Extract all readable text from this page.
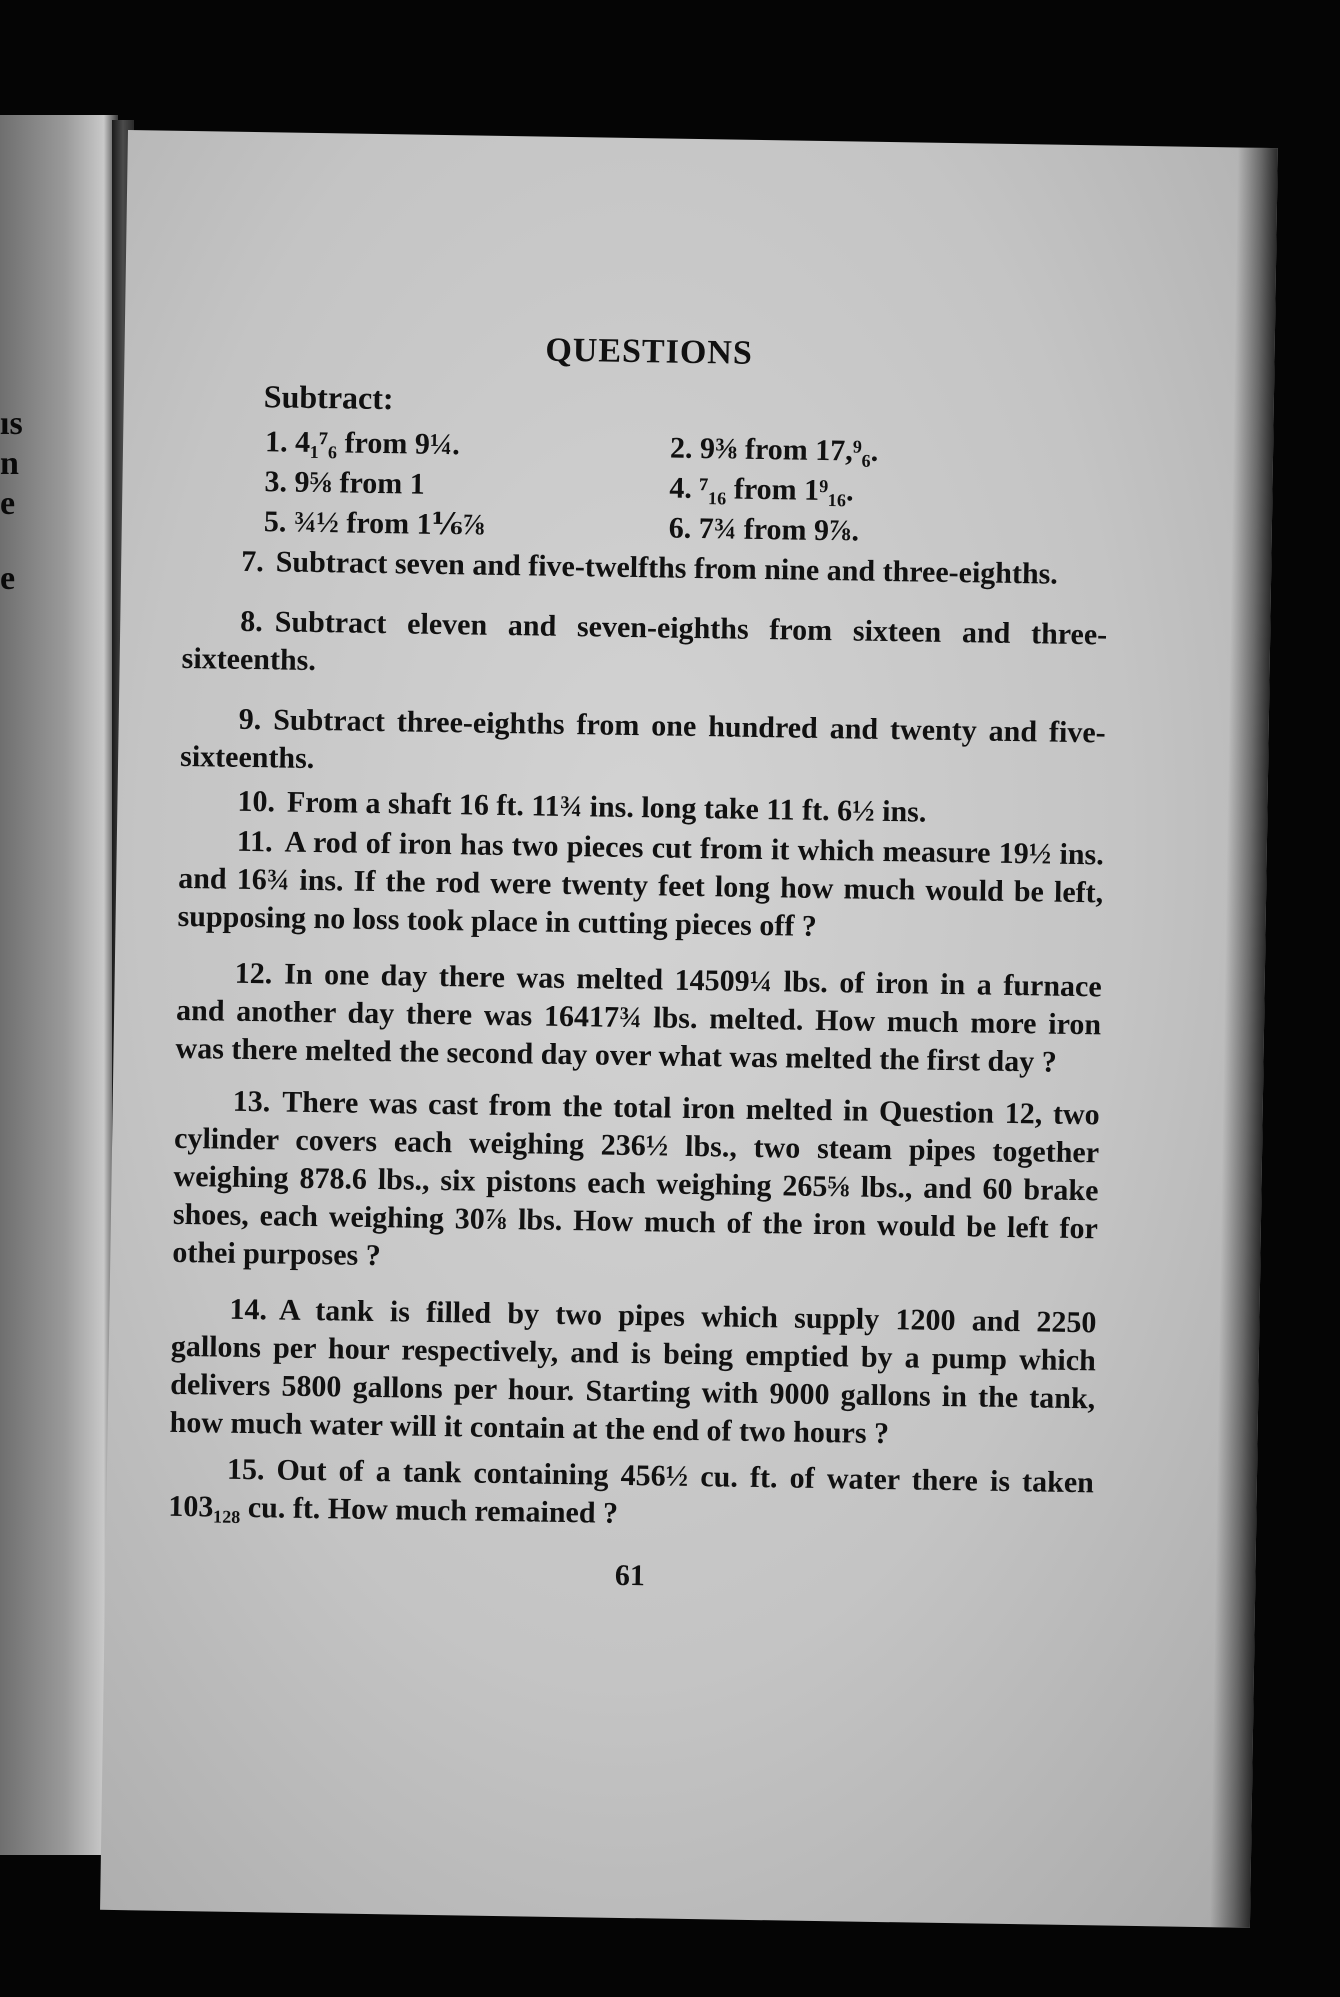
ıs
n
e
e
QUESTIONS
Subtract:
1. 4₁⁷₆ from 9¼.	2. 9⅜ from 17,⁹₆.
3. 9⅝ from 1	4. ⁷₁₆ from 1⁹₁₆.
5. ¾½ from 1⅙⅞	6. 7¾ from 9⅞.

7. Subtract seven and five-twelfths from nine and three-eighths.

8. Subtract eleven and seven-eighths from sixteen and three-sixteenths.

9. Subtract three-eighths from one hundred and twenty and five-sixteenths.

10. From a shaft 16 ft. 11¾ ins. long take 11 ft. 6½ ins.

11. A rod of iron has two pieces cut from it which measure 19½ ins. and 16¾ ins. If the rod were twenty feet long how much would be left, supposing no loss took place in cutting pieces off ?

12. In one day there was melted 14509¼ lbs. of iron in a furnace and another day there was 16417¾ lbs. melted. How much more iron was there melted the second day over what was melted the first day ?

13. There was cast from the total iron melted in Question 12, two cylinder covers each weighing 236½ lbs., two steam pipes together weighing 878.6 lbs., six pistons each weighing 265⅝ lbs., and 60 brake shoes, each weighing 30⅞ lbs. How much of the iron would be left for othei purposes ?

14. A tank is filled by two pipes which supply 1200 and 2250 gallons per hour respectively, and is being emptied by a pump which delivers 5800 gallons per hour. Starting with 9000 gallons in the tank, how much water will it contain at the end of two hours ?

15. Out of a tank containing 456½ cu. ft. of water there is taken 103₁₂₈ cu. ft. How much remained ?

61
